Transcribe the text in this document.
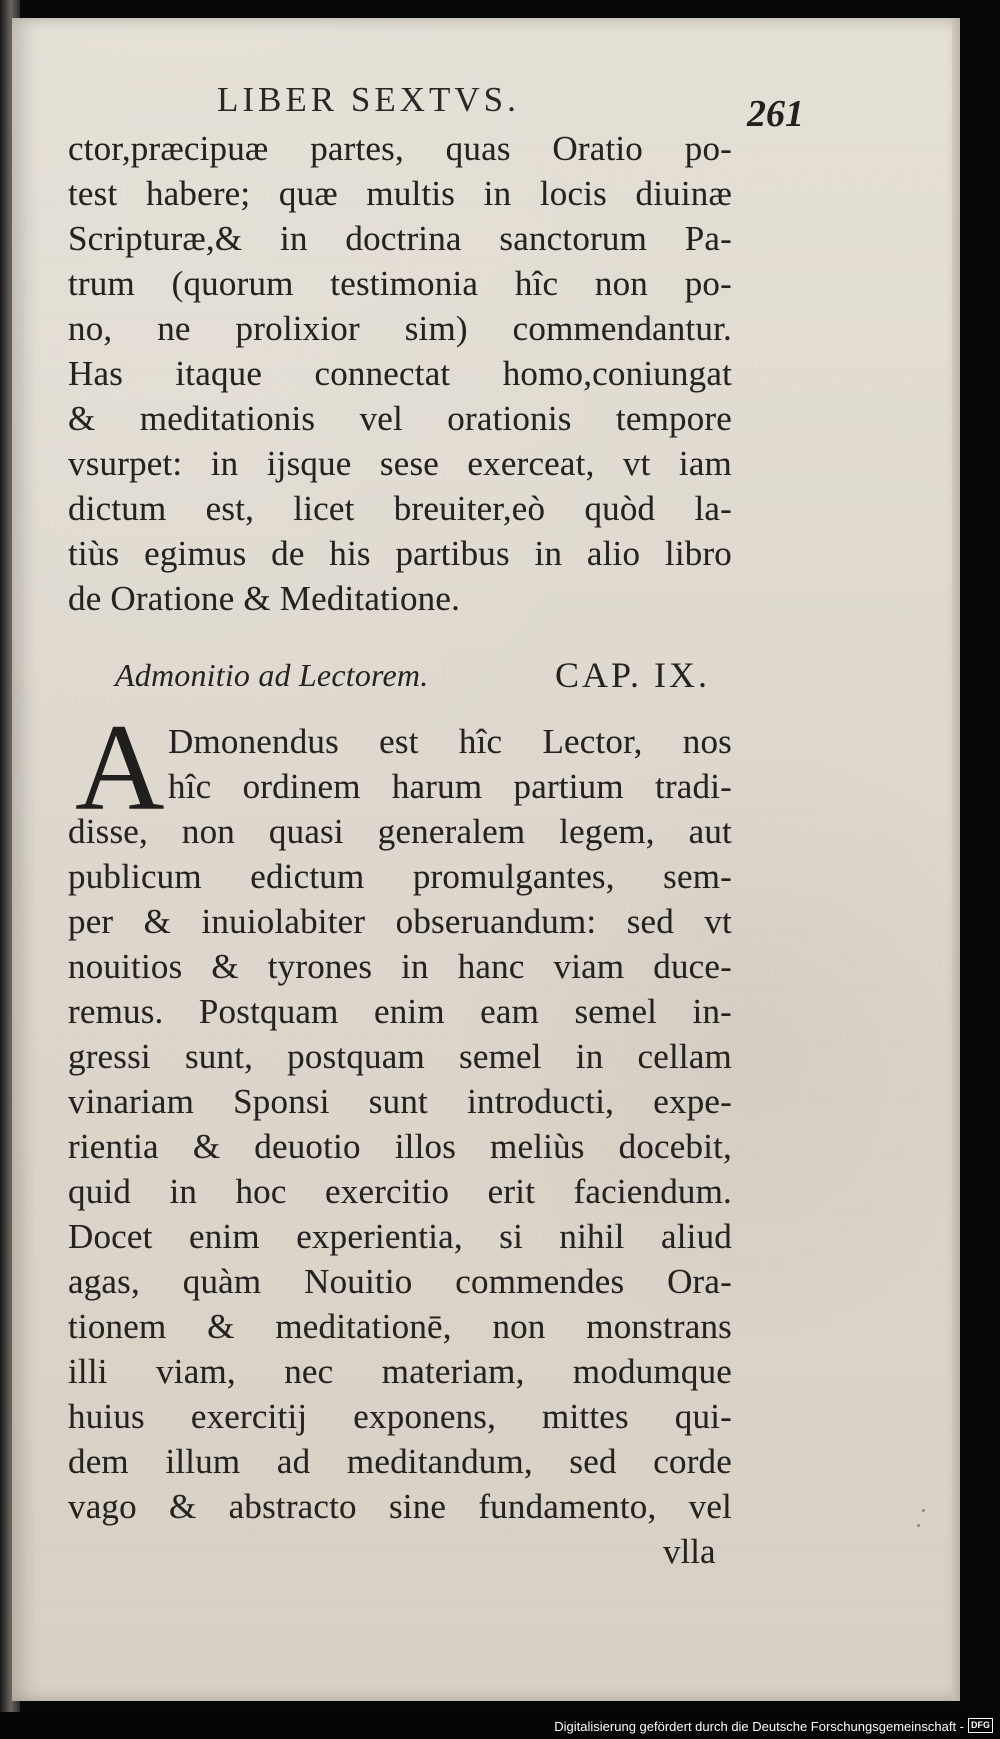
LIBER SEXTVS.	261
ctor,præcipuæ partes, quas Oratio po-
test habere; quæ multis in locis diuinæ
Scripturæ,& in doctrina sanctorum Pa-
trum (quorum testimonia hîc non po-
no, ne prolixior sim) commendantur.
Has itaque connectat homo,coniungat
& meditationis vel orationis tempore
vsurpet: in ijsque sese exerceat, vt iam
dictum est, licet breuiter,eò quòd la-
tiùs egimus de his partibus in alio libro
de Oratione & Meditatione.
Admonitio ad Lectorem.	CAP. IX.
A Dmonendus est hîc Lector, nos
hîc ordinem harum partium tradi-
disse, non quasi generalem legem, aut
publicum edictum promulgantes, sem-
per & inuiolabiter obseruandum: sed vt
nouitios & tyrones in hanc viam duce-
remus. Postquam enim eam semel in-
gressi sunt, postquam semel in cellam
vinariam Sponsi sunt introducti, expe-
rientia & deuotio illos meliùs docebit,
quid in hoc exercitio erit faciendum.
Docet enim experientia, si nihil aliud
agas, quàm Nouitio commendes Ora-
tionem & meditationē, non monstrans
illi viam, nec materiam, modumque
huius exercitij exponens, mittes qui-
dem illum ad meditandum, sed corde
vago & abstracto sine fundamento, vel
vlla
Digitalisierung gefördert durch die Deutsche Forschungsgemeinschaft - DFG
